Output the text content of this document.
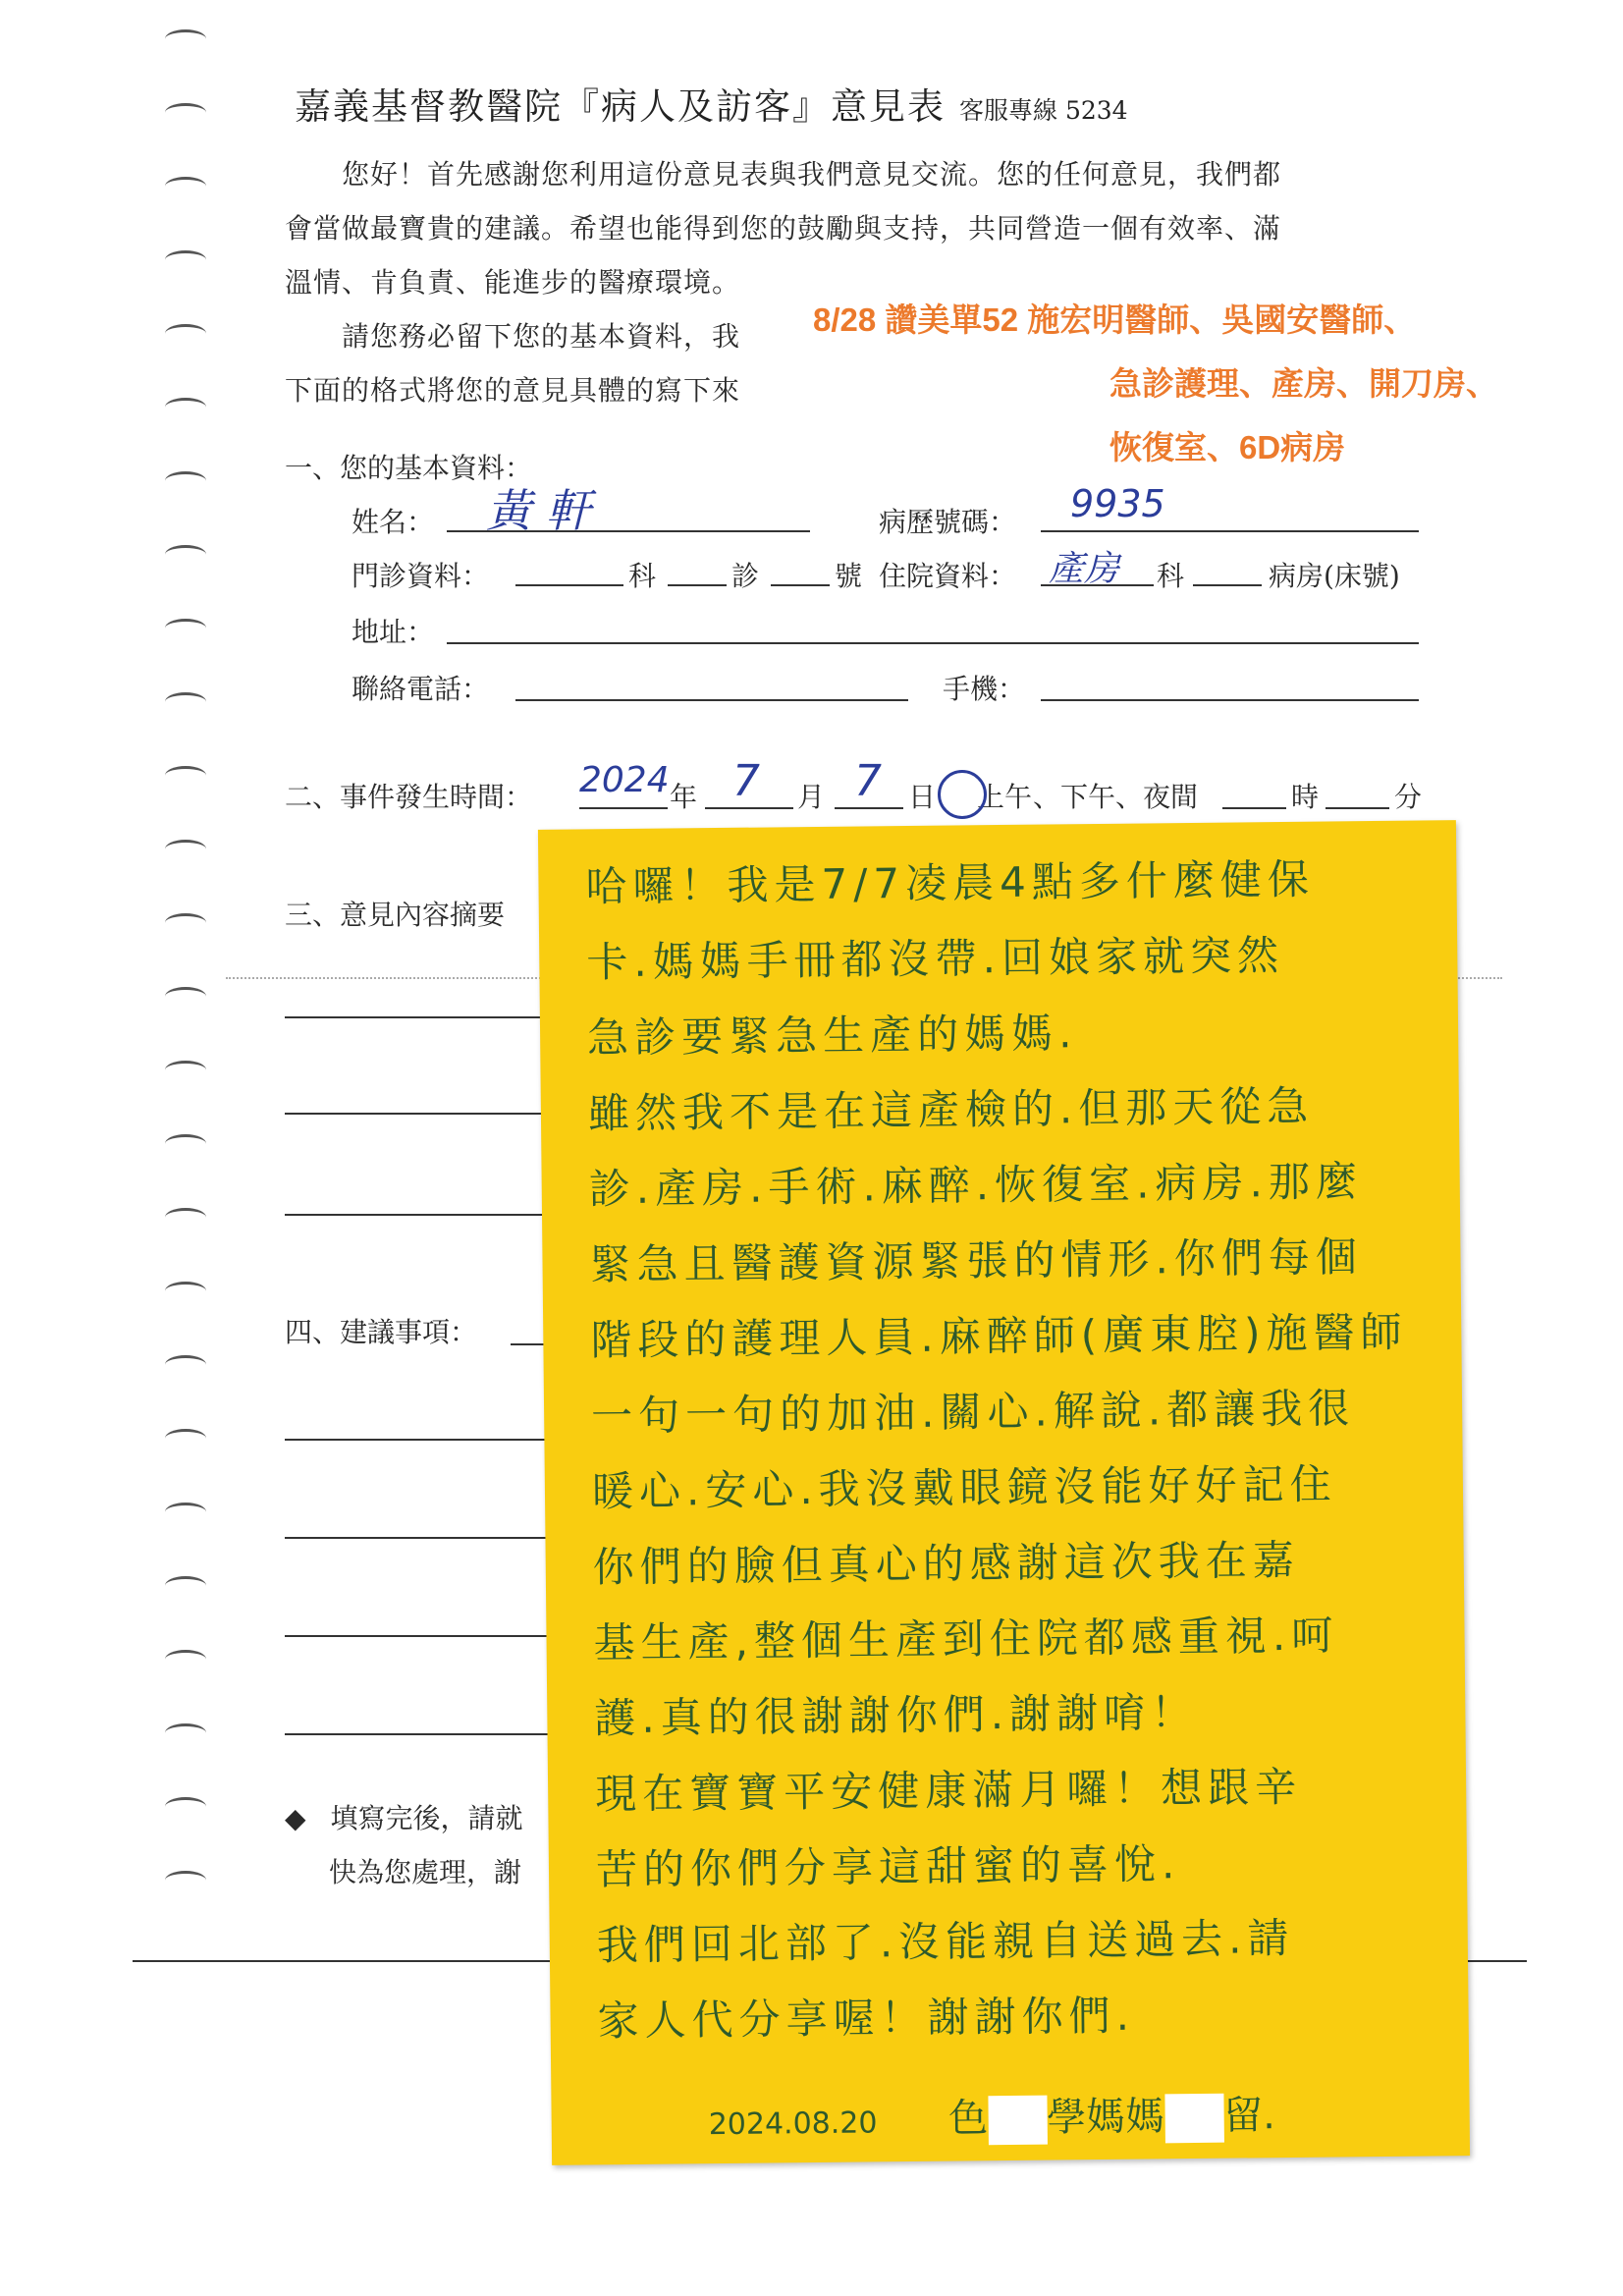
嘉義基督教醫院『病人及訪客』意見表 客服專線 5234

您好！首先感謝您利用這份意見表與我們意見交流。您的任何意見，我們都

會當做最寶貴的建議。希望也能得到您的鼓勵與支持，共同營造一個有效率、滿

溫情、肯負責、能進步的醫療環境。

請您務必留下您的基本資料，我

下面的格式將您的意見具體的寫下來

8/28 讚美單52 施宏明醫師、吳國安醫師、
急診護理、產房、開刀房、
恢復室、6D病房
一、您的基本資料：
姓名： 黃 軒	病歷號碼： 9935
門診資料：	科	診	號 住院資料： 產房 科	病房(床號)
地址：
聯絡電話：	手機：
二、事件發生時間： 2024 年 7 月 7 日 上午 、下午、夜間	時	分
三、意見內容摘要
四、建議事項：
◆ 填寫完後，請就
快為您處理，謝
哈囉！我是7/7凌晨4點多什麼健保
卡.媽媽手冊都沒帶.回娘家就突然
急診要緊急生產的媽媽.
雖然我不是在這產檢的.但那天從急
診.產房.手術.麻醉.恢復室.病房.那麼
緊急且醫護資源緊張的情形.你們每個
階段的護理人員.麻醉師(廣東腔)施醫師
一句一句的加油.關心.解說.都讓我很
暖心.安心.我沒戴眼鏡沒能好好記住
你們的臉但真心的感謝這次我在嘉
基生產,整個生產到住院都感重視.呵
護.真的很謝謝你們.謝謝唷！
現在寶寶平安健康滿月囉！想跟辛
苦的你們分享這甜蜜的喜悅.
我們回北部了.沒能親自送過去.請
家人代分享喔！謝謝你們.
2024.08.20 色 學媽媽 留.
